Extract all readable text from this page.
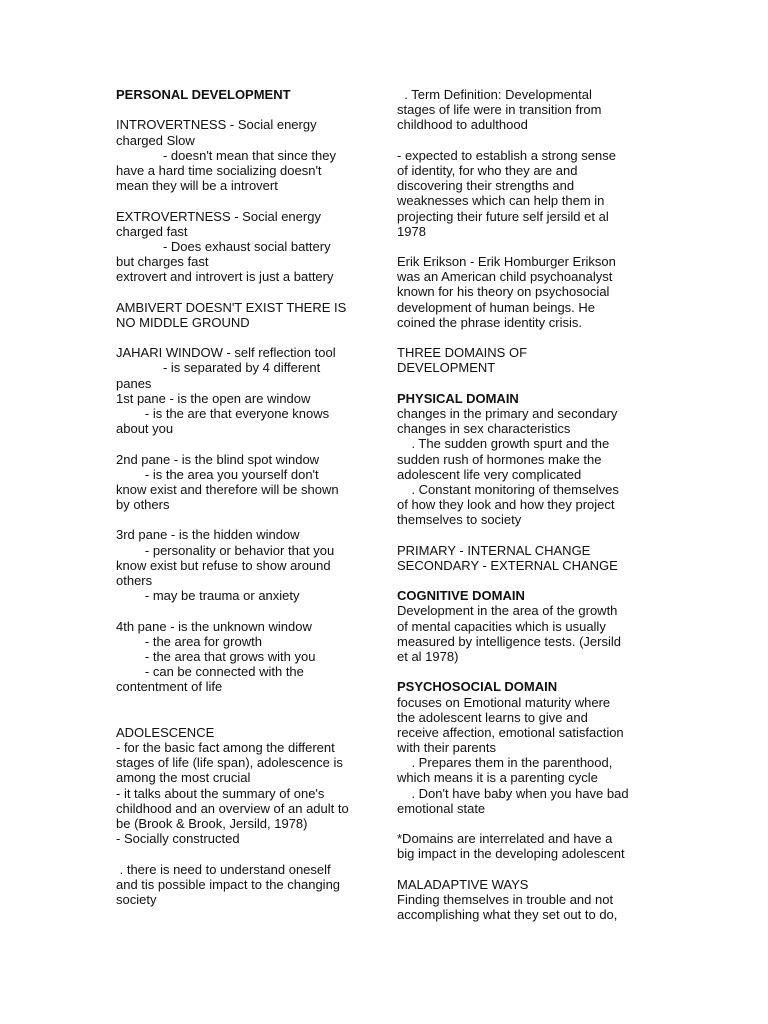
PERSONAL DEVELOPMENT
INTROVERTNESS - Social energy
charged Slow
- doesn't mean that since they
have a hard time socializing doesn't
mean they will be a introvert
EXTROVERTNESS - Social energy
charged fast
- Does exhaust social battery
but charges fast
extrovert and introvert is just a battery
AMBIVERT DOESN'T EXIST THERE IS
NO MIDDLE GROUND
JAHARI WINDOW - self reflection tool
- is separated by 4 different
panes
1st pane - is the open are window
- is the are that everyone knows
about you
2nd pane - is the blind spot window
- is the area you yourself don't
know exist and therefore will be shown
by others
3rd pane - is the hidden window
- personality or behavior that you
know exist but refuse to show around
others
- may be trauma or anxiety
4th pane - is the unknown window
- the area for growth
- the area that grows with you
- can be connected with the
contentment of life
ADOLESCENCE
- for the basic fact among the different
stages of life (life span), adolescence is
among the most crucial
- it talks about the summary of one's
childhood and an overview of an adult to
be (Brook & Brook, Jersild, 1978)
- Socially constructed
. there is need to understand oneself
and tis possible impact to the changing
society
. Term Definition: Developmental
stages of life were in transition from
childhood to adulthood
- expected to establish a strong sense
of identity, for who they are and
discovering their strengths and
weaknesses which can help them in
projecting their future self jersild et al
1978
Erik Erikson - Erik Homburger Erikson
was an American child psychoanalyst
known for his theory on psychosocial
development of human beings. He
coined the phrase identity crisis.
THREE DOMAINS OF
DEVELOPMENT
PHYSICAL DOMAIN
changes in the primary and secondary
changes in sex characteristics
. The sudden growth spurt and the
sudden rush of hormones make the
adolescent life very complicated
. Constant monitoring of themselves
of how they look and how they project
themselves to society
PRIMARY - INTERNAL CHANGE
SECONDARY - EXTERNAL CHANGE
COGNITIVE DOMAIN
Development in the area of the growth
of mental capacities which is usually
measured by intelligence tests. (Jersild
et al 1978)
PSYCHOSOCIAL DOMAIN
focuses on Emotional maturity where
the adolescent learns to give and
receive affection, emotional satisfaction
with their parents
. Prepares them in the parenthood,
which means it is a parenting cycle
. Don't have baby when you have bad
emotional state
*Domains are interrelated and have a
big impact in the developing adolescent
MALADAPTIVE WAYS
Finding themselves in trouble and not
accomplishing what they set out to do,
